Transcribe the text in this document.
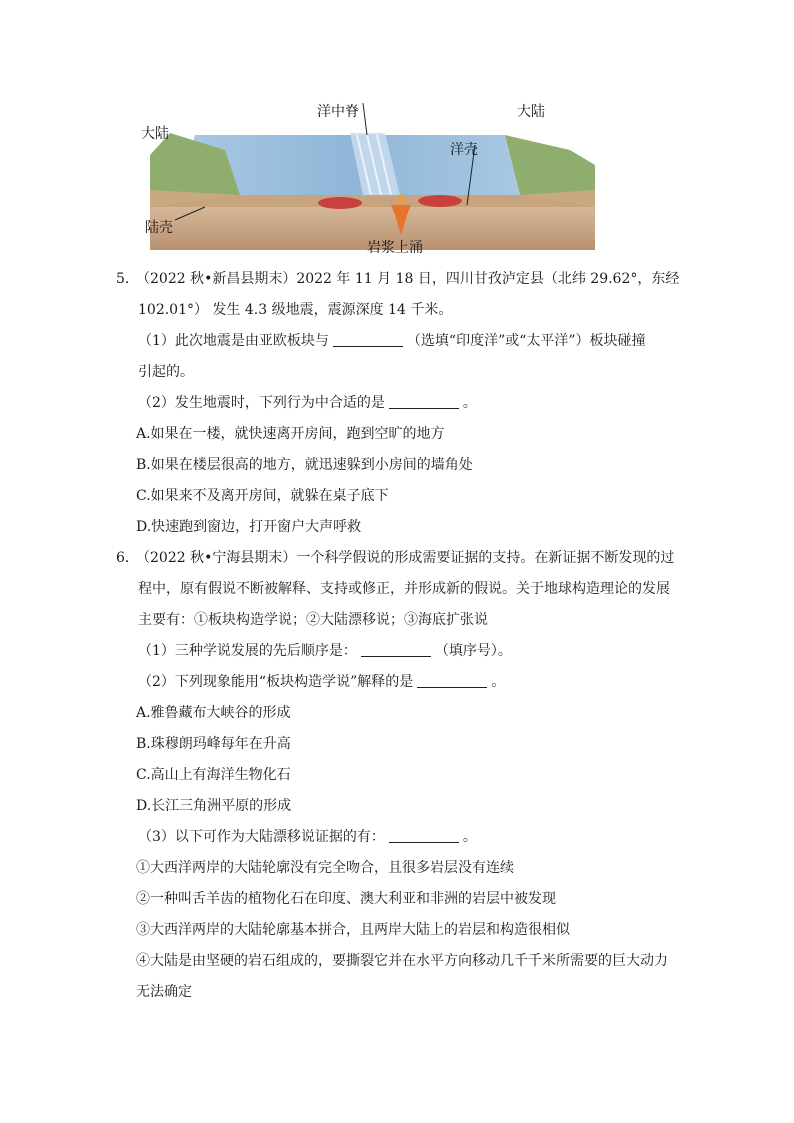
洋中脊
大陆
大陆
洋壳
陆壳
岩浆上涌
5．（2022 秋•新昌县期末）2022 年 11 月 18 日，四川甘孜泸定县（北纬 29.62°，东经
102.01°） 发生 4.3 级地震，震源深度 14 千米。
（1）此次地震是由亚欧板块与	（选填“印度洋”或“太平洋”）板块碰撞
引起的。
（2）发生地震时，下列行为中合适的是	。
A.如果在一楼，就快速离开房间，跑到空旷的地方
B.如果在楼层很高的地方，就迅速躲到小房间的墙角处
C.如果来不及离开房间，就躲在桌子底下
D.快速跑到窗边，打开窗户大声呼救
6．（2022 秋•宁海县期末）一个科学假说的形成需要证据的支持。在新证据不断发现的过
程中，原有假说不断被解释、支持或修正，并形成新的假说。关于地球构造理论的发展
主要有：①板块构造学说；②大陆漂移说；③海底扩张说
（1）三种学说发展的先后顺序是：	（填序号）。
（2）下列现象能用“板块构造学说”解释的是	。
A.雅鲁藏布大峡谷的形成
B.珠穆朗玛峰每年在升高
C.高山上有海洋生物化石
D.长江三角洲平原的形成
（3）以下可作为大陆漂移说证据的有：	。
①大西洋两岸的大陆轮廓没有完全吻合，且很多岩层没有连续
②一种叫舌羊齿的植物化石在印度、澳大利亚和非洲的岩层中被发现
③大西洋两岸的大陆轮廓基本拼合，且两岸大陆上的岩层和构造很相似
④大陆是由坚硬的岩石组成的，要撕裂它并在水平方向移动几千千米所需要的巨大动力
无法确定
